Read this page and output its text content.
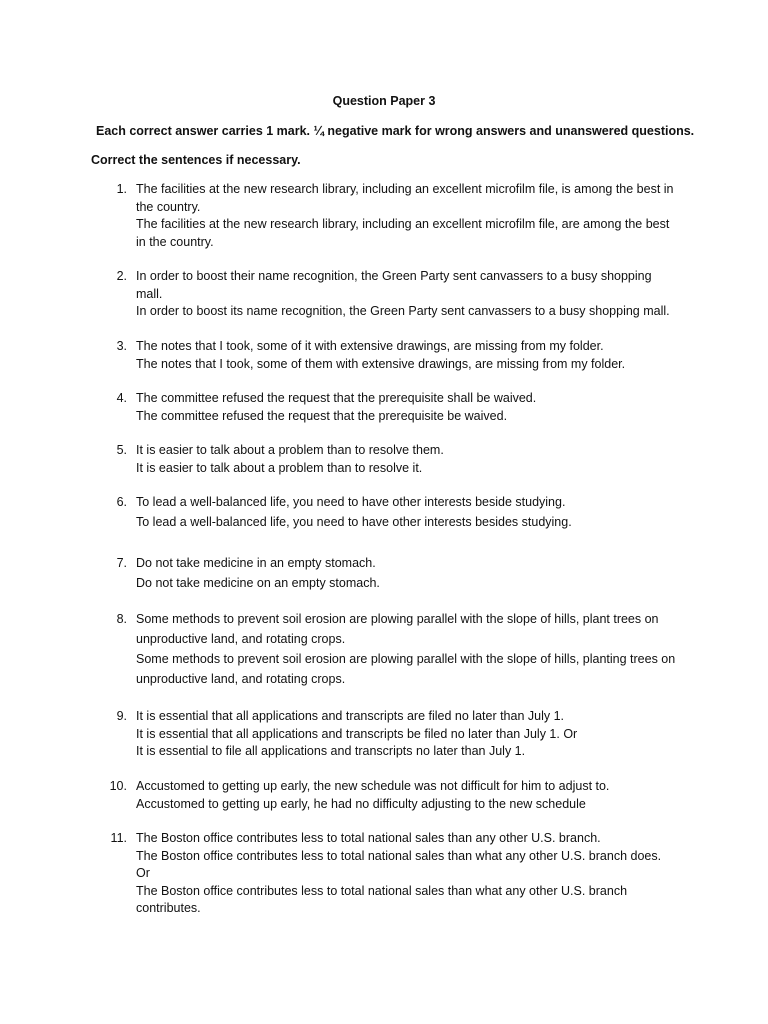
Question Paper 3
Each correct answer carries 1 mark. ¼ negative mark for wrong answers and unanswered questions.
Correct the sentences if necessary.
1. The facilities at the new research library, including an excellent microfilm file, is among the best in the country.
The facilities at the new research library, including an excellent microfilm file, are among the best in the country.
2. In order to boost their name recognition, the Green Party sent canvassers to a busy shopping mall.
In order to boost its name recognition, the Green Party sent canvassers to a busy shopping mall.
3. The notes that I took, some of it with extensive drawings, are missing from my folder.
The notes that I took, some of them with extensive drawings, are missing from my folder.
4. The committee refused the request that the prerequisite shall be waived.
The committee refused the request that the prerequisite be waived.
5. It is easier to talk about a problem than to resolve them.
It is easier to talk about a problem than to resolve it.
6. To lead a well-balanced life, you need to have other interests beside studying.
To lead a well-balanced life, you need to have other interests besides studying.
7. Do not take medicine in an empty stomach.
Do not take medicine on an empty stomach.
8. Some methods to prevent soil erosion are plowing parallel with the slope of hills, plant trees on unproductive land, and rotating crops.
Some methods to prevent soil erosion are plowing parallel with the slope of hills, planting trees on unproductive land, and rotating crops.
9. It is essential that all applications and transcripts are filed no later than July 1.
It is essential that all applications and transcripts be filed no later than July 1. Or
It is essential to file all applications and transcripts no later than July 1.
10. Accustomed to getting up early, the new schedule was not difficult for him to adjust to.
Accustomed to getting up early, he had no difficulty adjusting to the new schedule
11. The Boston office contributes less to total national sales than any other U.S. branch.
The Boston office contributes less to total national sales than what any other U.S. branch does.
Or
The Boston office contributes less to total national sales than what any other U.S. branch contributes.
